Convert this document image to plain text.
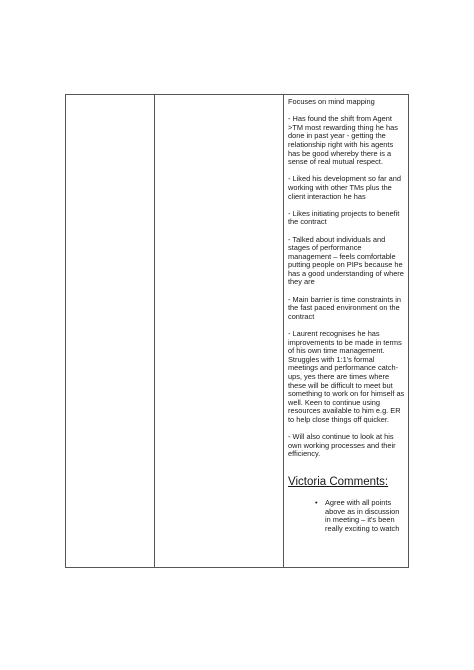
Focuses on mind mapping

- Has found the shift from Agent >TM most rewarding thing he has done in past year - getting the relationship right with his agents has be good whereby there is a sense of real mutual respect.

- Liked his development so far and working with other TMs plus the client interaction he has

- Likes initiating projects to benefit the contract

- Talked about individuals and stages of performance management – feels comfortable putting people on PIPs because he has a good understanding of where they are

- Main barrier is time constraints in the fast paced environment on the contract

- Laurent recognises he has improvements to be made in terms of his own time management. Struggles with 1:1's formal meetings and performance catch-ups, yes there are times where these will be difficult to meet but something to work on for himself as well. Keen to continue using resources available to him e.g. ER to help close things off quicker.

- Will also continue to look at his own working processes and their efficiency.

Victoria Comments:
• Agree with all points above as in discussion in meeting – it's been really exciting to watch
